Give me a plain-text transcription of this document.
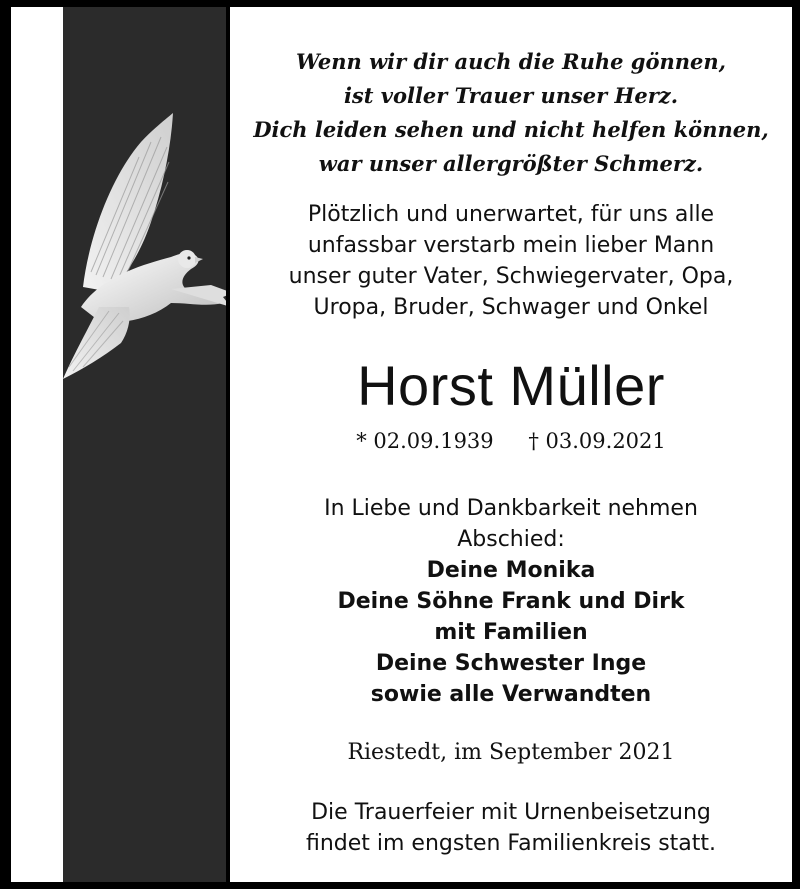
Wenn wir dir auch die Ruhe gönnen,
ist voller Trauer unser Herz.
Dich leiden sehen und nicht helfen können,
war unser allergrößter Schmerz.
Plötzlich und unerwartet, für uns alle
unfassbar verstarb mein lieber Mann
unser guter Vater, Schwiegervater, Opa,
Uropa, Bruder, Schwager und Onkel
Horst Müller
* 02.09.1939 † 03.09.2021
In Liebe und Dankbarkeit nehmen
Abschied:
Deine Monika
Deine Söhne Frank und Dirk
mit Familien
Deine Schwester Inge
sowie alle Verwandten
Riestedt, im September 2021
Die Trauerfeier mit Urnenbeisetzung
findet im engsten Familienkreis statt.
